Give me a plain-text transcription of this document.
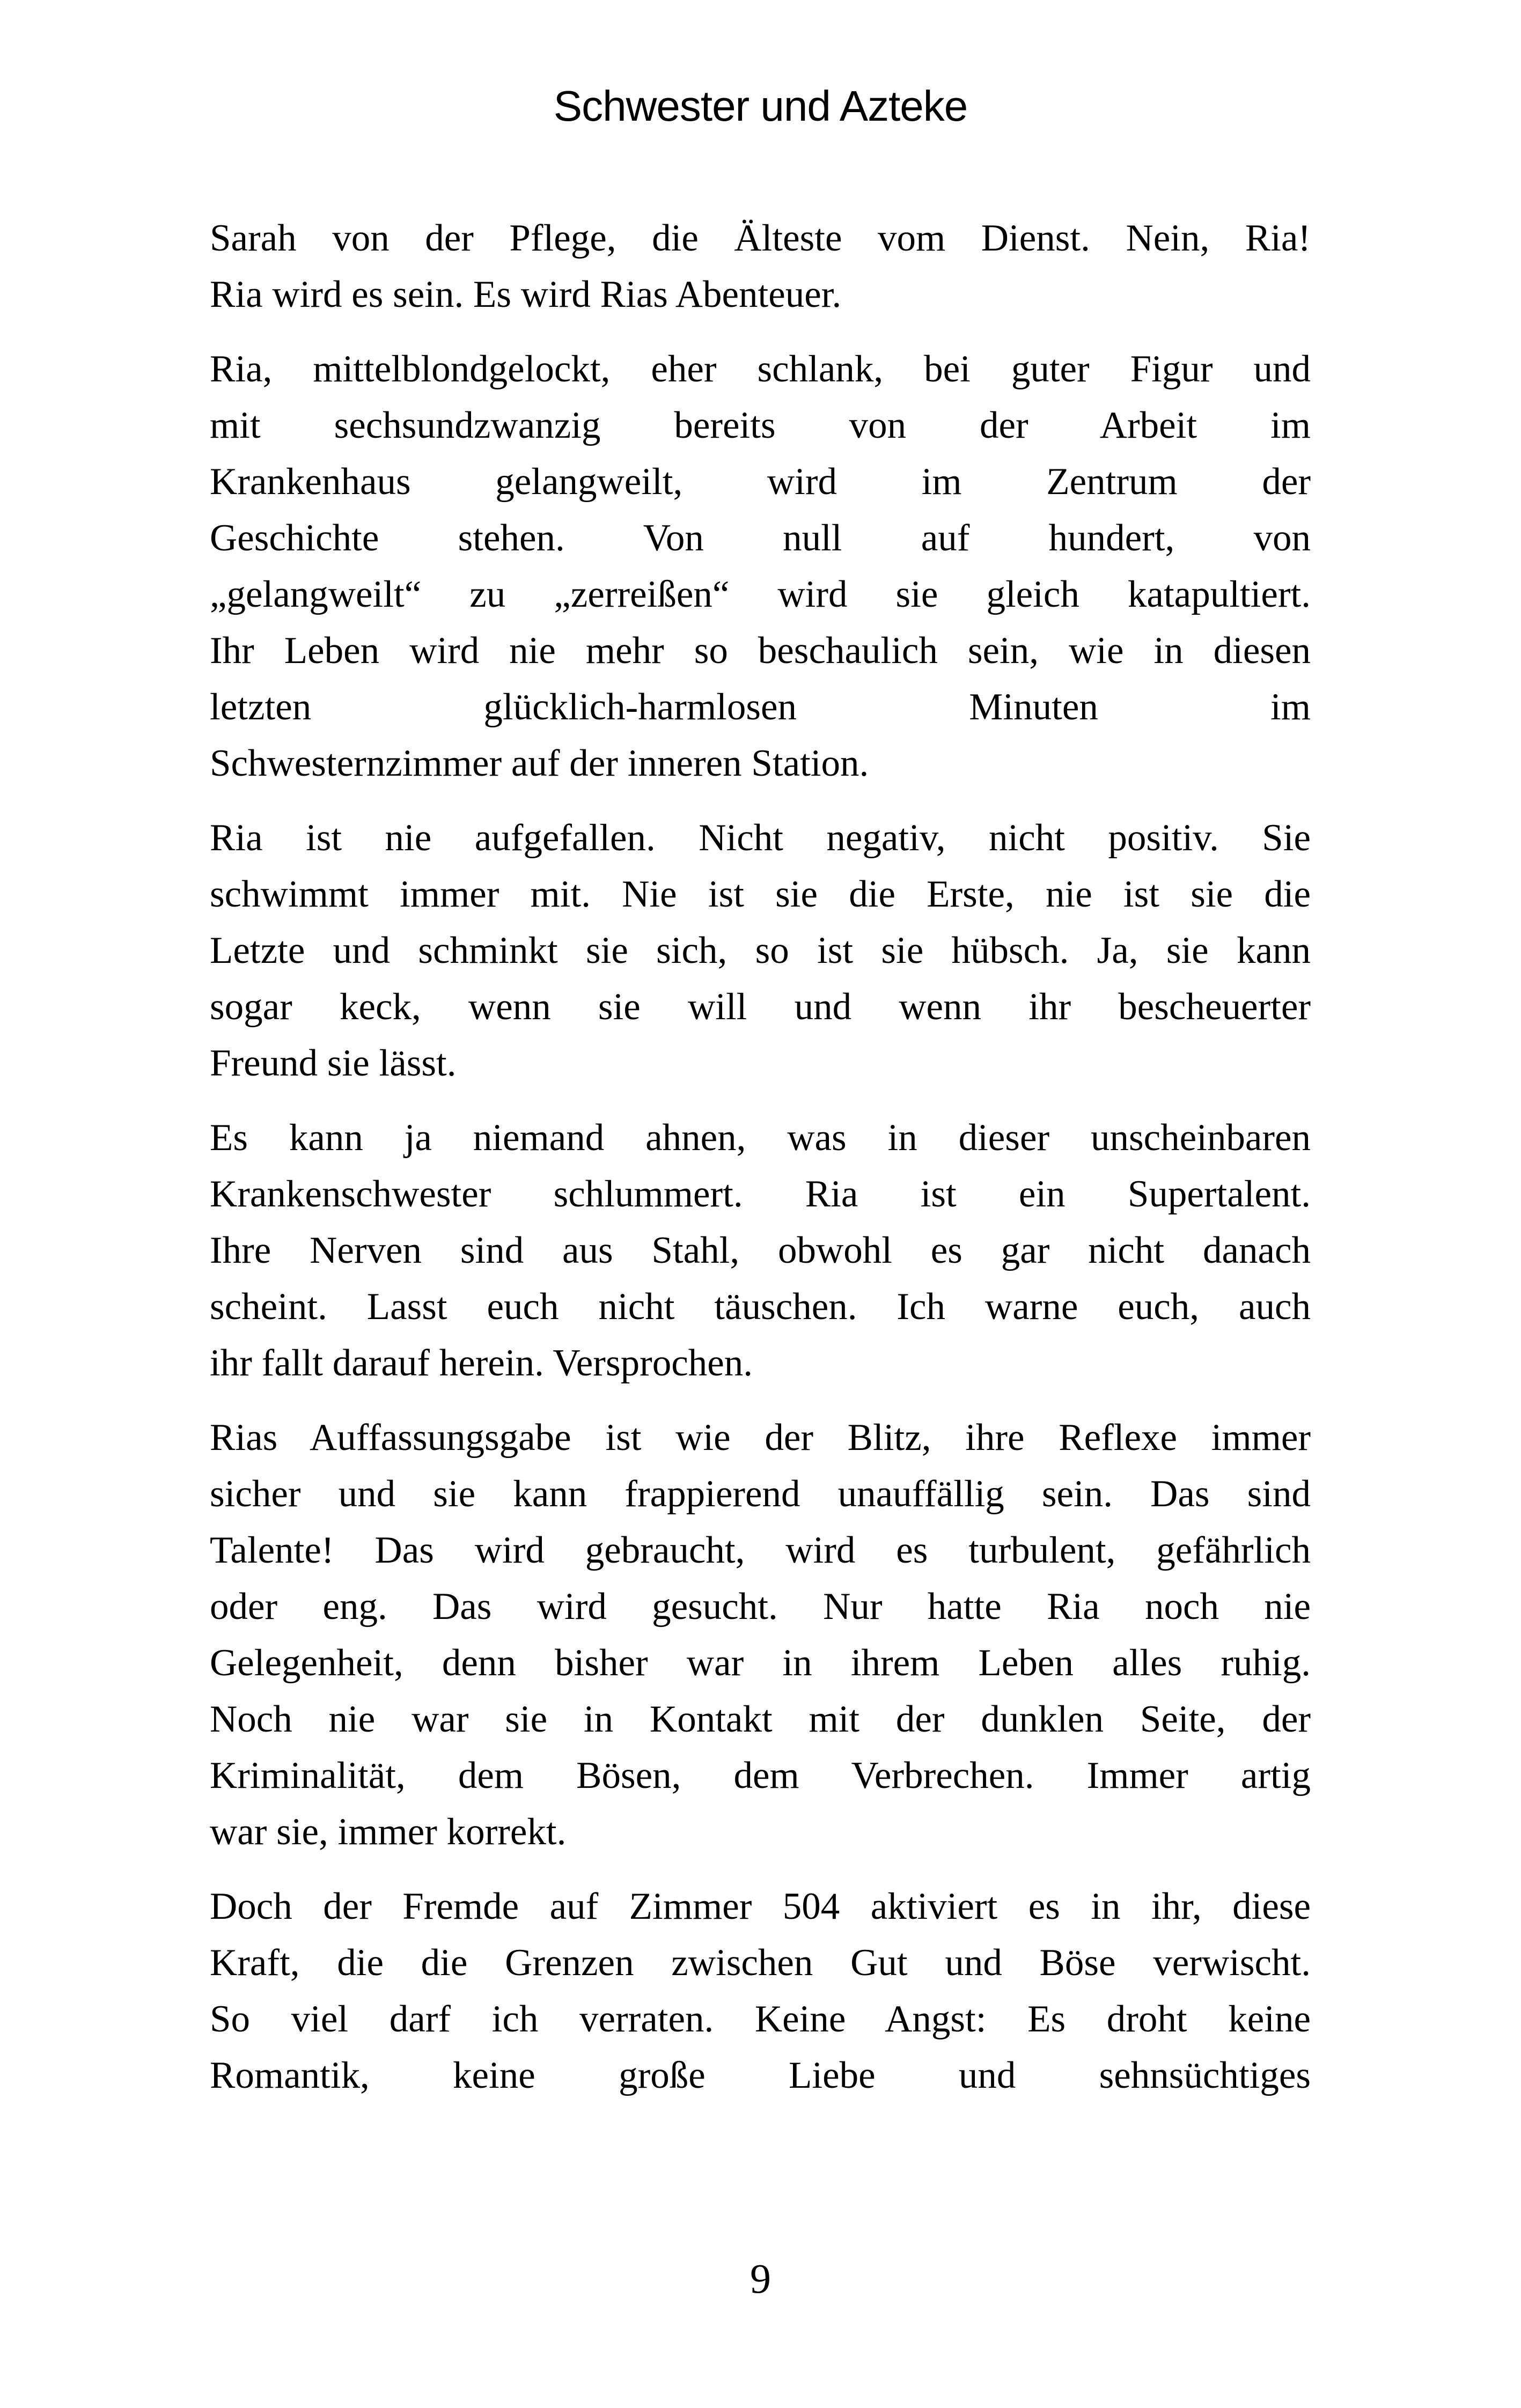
Schwester und Azteke
Sarah von der Pflege, die Älteste vom Dienst. Nein, Ria!
Ria wird es sein. Es wird Rias Abenteuer.
Ria, mittelblondgelockt, eher schlank, bei guter Figur und
mit sechsundzwanzig bereits von der Arbeit im
Krankenhaus gelangweilt, wird im Zentrum der
Geschichte stehen. Von null auf hundert, von
„gelangweilt“ zu „zerreißen“ wird sie gleich katapultiert.
Ihr Leben wird nie mehr so beschaulich sein, wie in diesen
letzten glücklich-harmlosen Minuten im
Schwesternzimmer auf der inneren Station.
Ria ist nie aufgefallen. Nicht negativ, nicht positiv. Sie
schwimmt immer mit. Nie ist sie die Erste, nie ist sie die
Letzte und schminkt sie sich, so ist sie hübsch. Ja, sie kann
sogar keck, wenn sie will und wenn ihr bescheuerter
Freund sie lässt.
Es kann ja niemand ahnen, was in dieser unscheinbaren
Krankenschwester schlummert. Ria ist ein Supertalent.
Ihre Nerven sind aus Stahl, obwohl es gar nicht danach
scheint. Lasst euch nicht täuschen. Ich warne euch, auch
ihr fallt darauf herein. Versprochen.
Rias Auffassungsgabe ist wie der Blitz, ihre Reflexe immer
sicher und sie kann frappierend unauffällig sein. Das sind
Talente! Das wird gebraucht, wird es turbulent, gefährlich
oder eng. Das wird gesucht. Nur hatte Ria noch nie
Gelegenheit, denn bisher war in ihrem Leben alles ruhig.
Noch nie war sie in Kontakt mit der dunklen Seite, der
Kriminalität, dem Bösen, dem Verbrechen. Immer artig
war sie, immer korrekt.
Doch der Fremde auf Zimmer 504 aktiviert es in ihr, diese
Kraft, die die Grenzen zwischen Gut und Böse verwischt.
So viel darf ich verraten. Keine Angst: Es droht keine
Romantik, keine große Liebe und sehnsüchtiges
9
